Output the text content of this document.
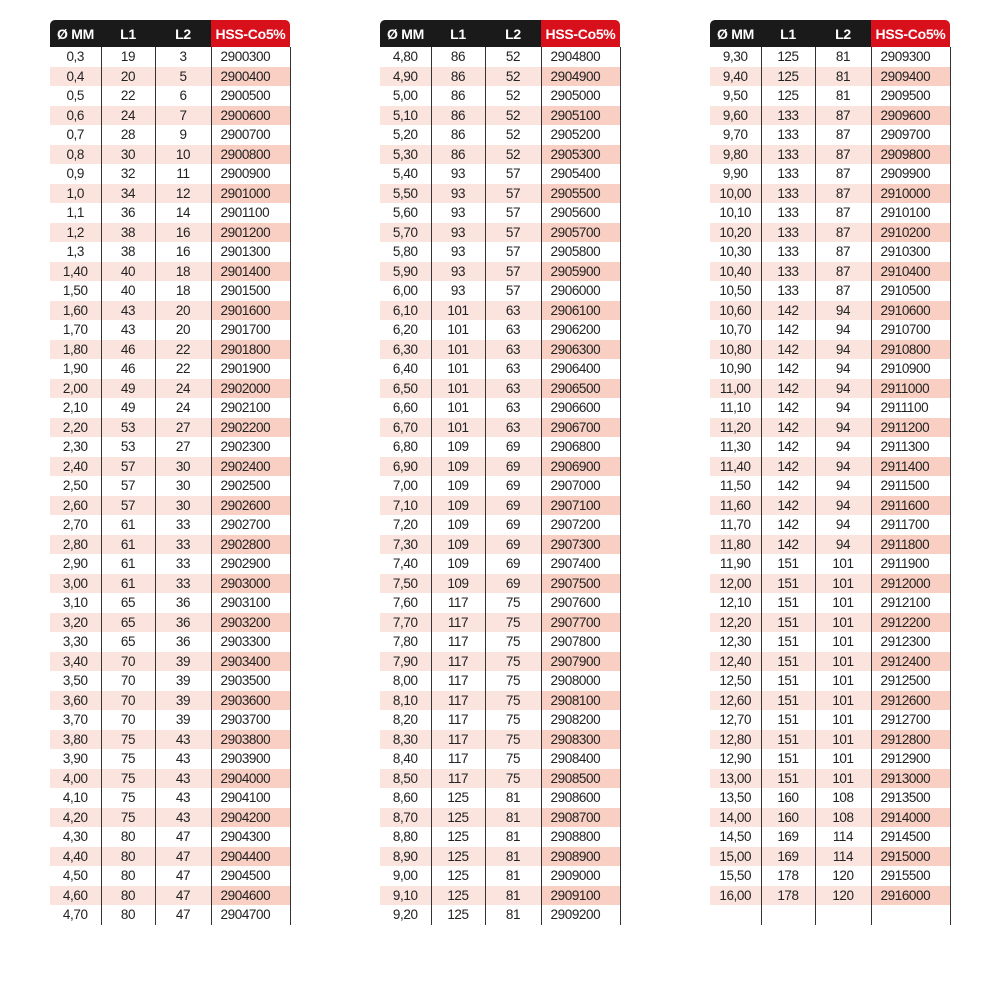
Ø MM	L1	L2	HSS-Co5%
0,3	19	3	2900300
0,4	20	5	2900400
0,5	22	6	2900500
0,6	24	7	2900600
0,7	28	9	2900700
0,8	30	10	2900800
0,9	32	11	2900900
1,0	34	12	2901000
1,1	36	14	2901100
1,2	38	16	2901200
1,3	38	16	2901300
1,40	40	18	2901400
1,50	40	18	2901500
1,60	43	20	2901600
1,70	43	20	2901700
1,80	46	22	2901800
1,90	46	22	2901900
2,00	49	24	2902000
2,10	49	24	2902100
2,20	53	27	2902200
2,30	53	27	2902300
2,40	57	30	2902400
2,50	57	30	2902500
2,60	57	30	2902600
2,70	61	33	2902700
2,80	61	33	2902800
2,90	61	33	2902900
3,00	61	33	2903000
3,10	65	36	2903100
3,20	65	36	2903200
3,30	65	36	2903300
3,40	70	39	2903400
3,50	70	39	2903500
3,60	70	39	2903600
3,70	70	39	2903700
3,80	75	43	2903800
3,90	75	43	2903900
4,00	75	43	2904000
4,10	75	43	2904100
4,20	75	43	2904200
4,30	80	47	2904300
4,40	80	47	2904400
4,50	80	47	2904500
4,60	80	47	2904600
4,70	80	47	2904700
Ø MM	L1	L2	HSS-Co5%
4,80	86	52	2904800
4,90	86	52	2904900
5,00	86	52	2905000
5,10	86	52	2905100
5,20	86	52	2905200
5,30	86	52	2905300
5,40	93	57	2905400
5,50	93	57	2905500
5,60	93	57	2905600
5,70	93	57	2905700
5,80	93	57	2905800
5,90	93	57	2905900
6,00	93	57	2906000
6,10	101	63	2906100
6,20	101	63	2906200
6,30	101	63	2906300
6,40	101	63	2906400
6,50	101	63	2906500
6,60	101	63	2906600
6,70	101	63	2906700
6,80	109	69	2906800
6,90	109	69	2906900
7,00	109	69	2907000
7,10	109	69	2907100
7,20	109	69	2907200
7,30	109	69	2907300
7,40	109	69	2907400
7,50	109	69	2907500
7,60	117	75	2907600
7,70	117	75	2907700
7,80	117	75	2907800
7,90	117	75	2907900
8,00	117	75	2908000
8,10	117	75	2908100
8,20	117	75	2908200
8,30	117	75	2908300
8,40	117	75	2908400
8,50	117	75	2908500
8,60	125	81	2908600
8,70	125	81	2908700
8,80	125	81	2908800
8,90	125	81	2908900
9,00	125	81	2909000
9,10	125	81	2909100
9,20	125	81	2909200
Ø MM	L1	L2	HSS-Co5%
9,30	125	81	2909300
9,40	125	81	2909400
9,50	125	81	2909500
9,60	133	87	2909600
9,70	133	87	2909700
9,80	133	87	2909800
9,90	133	87	2909900
10,00	133	87	2910000
10,10	133	87	2910100
10,20	133	87	2910200
10,30	133	87	2910300
10,40	133	87	2910400
10,50	133	87	2910500
10,60	142	94	2910600
10,70	142	94	2910700
10,80	142	94	2910800
10,90	142	94	2910900
11,00	142	94	2911000
11,10	142	94	2911100
11,20	142	94	2911200
11,30	142	94	2911300
11,40	142	94	2911400
11,50	142	94	2911500
11,60	142	94	2911600
11,70	142	94	2911700
11,80	142	94	2911800
11,90	151	101	2911900
12,00	151	101	2912000
12,10	151	101	2912100
12,20	151	101	2912200
12,30	151	101	2912300
12,40	151	101	2912400
12,50	151	101	2912500
12,60	151	101	2912600
12,70	151	101	2912700
12,80	151	101	2912800
12,90	151	101	2912900
13,00	151	101	2913000
13,50	160	108	2913500
14,00	160	108	2914000
14,50	169	114	2914500
15,00	169	114	2915000
15,50	178	120	2915500
16,00	178	120	2916000
